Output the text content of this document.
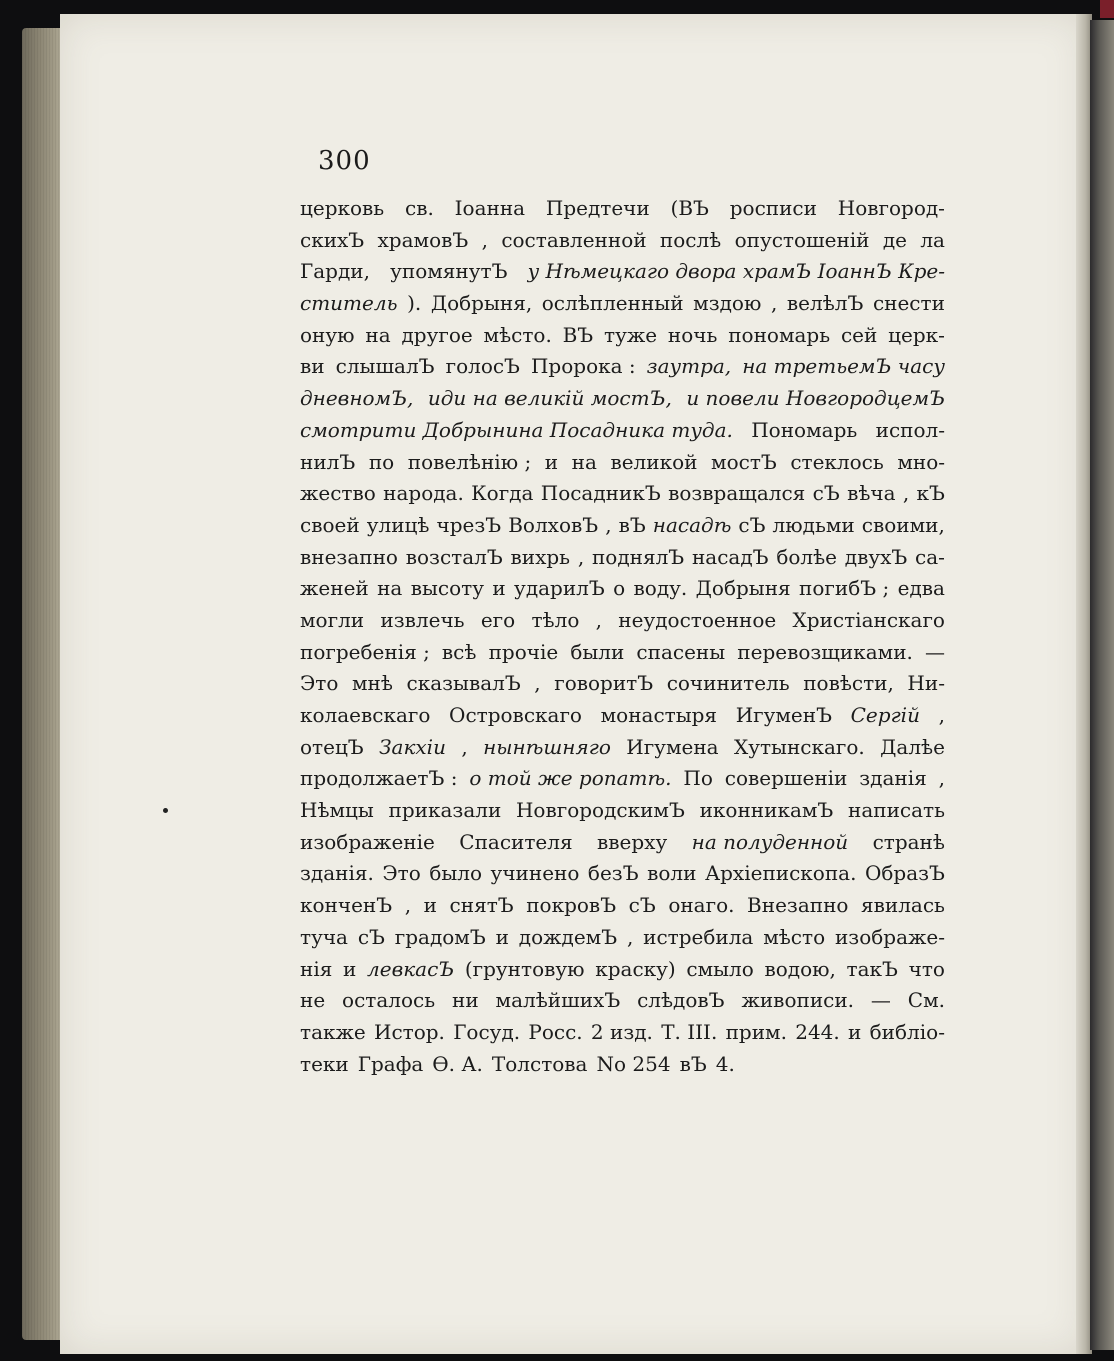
300
церковь св. Іоанна Предтечи (ВЪ росписи Новгород-
скихЪ храмовЪ , составленной послѣ опустошеній де ла
Гарди, упомянутЪ у Нѣмецкаго двора храмЪ ІоаннЪ Кре-
ститель ). Добрыня, ослѣпленный мздою , велѣлЪ снести
оную на другое мѣсто. ВЪ туже ночь пономарь сей церк-
ви слышалЪ голосЪ Пророка : заутра, на третьемЪ часу
дневномЪ, иди на великій мостЪ, и повели НовгородцемЪ
смотрити Добрынина Посадника туда. Пономарь испол-
нилЪ по повелѣнію ; и на великой мостЪ стеклось мно-
жество народа. Когда ПосадникЪ возвращался сЪ вѣча , кЪ
своей улицѣ чрезЪ ВолховЪ , вЪ насадѣ сЪ людьми своими,
внезапно возсталЪ вихрь , поднялЪ насадЪ болѣе двухЪ са-
женей на высоту и ударилЪ о воду. Добрыня погибЪ ; едва
могли извлечь его тѣло , неудостоенное Христіанскаго
погребенія ; всѣ прочіе были спасены перевозщиками. —
Это мнѣ сказывалЪ , говоритЪ сочинитель повѣсти, Ни-
колаевскаго Островскаго монастыря ИгуменЪ Сергій ,
отецЪ Закхіи , нынѣшняго Игумена Хутынскаго. Далѣе
продолжаетЪ : о той же ропатѣ. По совершеніи зданія ,
Нѣмцы приказали НовгородскимЪ иконникамЪ написать
изображеніе Спасителя вверху на полуденной странѣ
зданія. Это было учинено безЪ воли Архіепископа. ОбразЪ
конченЪ , и снятЪ покровЪ сЪ онаго. Внезапно явилась
туча сЪ градомЪ и дождемЪ , истребила мѣсто изображе-
нія и левкасЪ (грунтовую краску) смыло водою, такЪ что
не осталось ни малѣйшихЪ слѣдовЪ живописи. — См.
также Истор. Госуд. Росс. 2 изд. Т. III. прим. 244. и библіо-
теки Графа Ѳ. А. Толстова No 254 вЪ 4.
